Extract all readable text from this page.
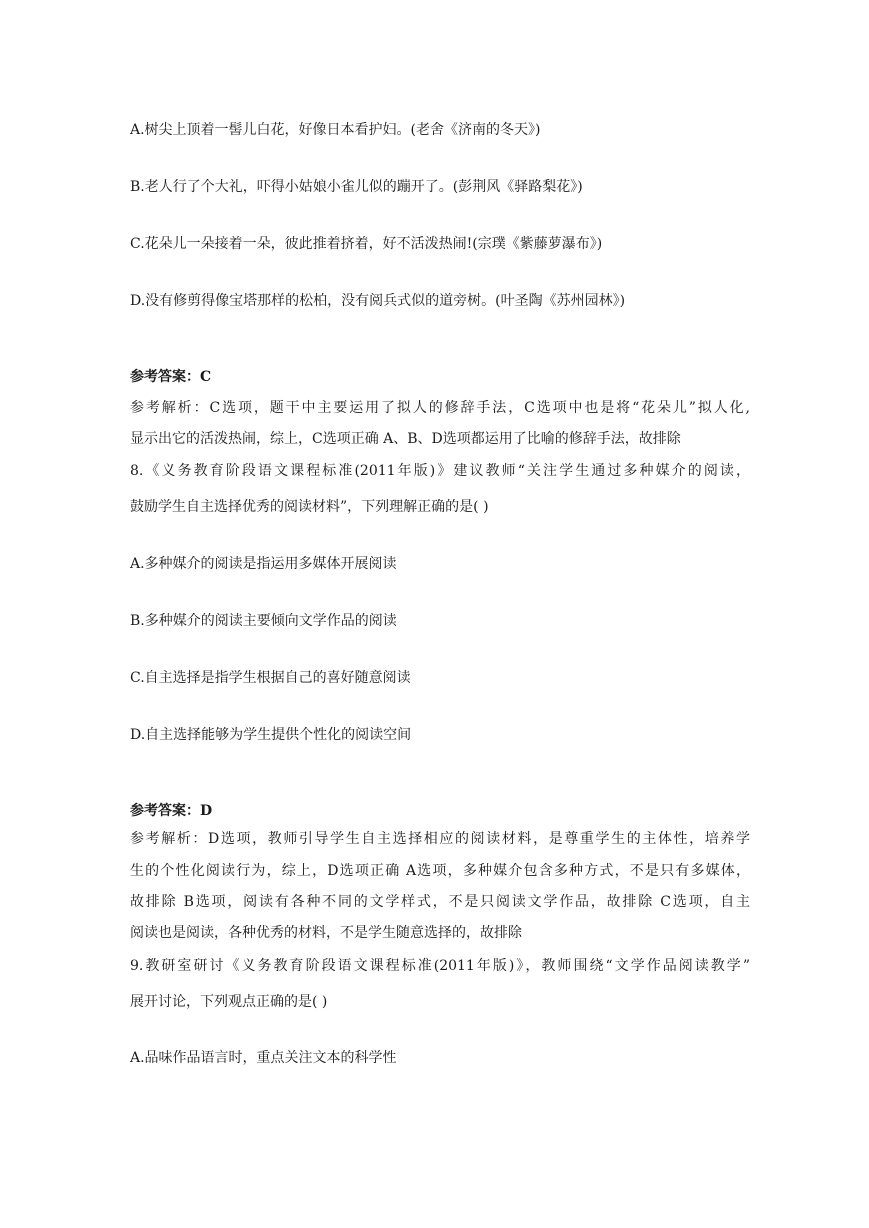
A.树尖上顶着一髻儿白花，好像日本看护妇。(老舍《济南的冬天》)
B.老人行了个大礼，吓得小姑娘小雀儿似的蹦开了。(彭荆风《驿路梨花》)
C.花朵儿一朵接着一朵，彼此推着挤着，好不活泼热闹!(宗璞《紫藤萝瀑布》)
D.没有修剪得像宝塔那样的松柏，没有阅兵式似的道旁树。(叶圣陶《苏州园林》)
参考答案：C
参考解析：C选项，题干中主要运用了拟人的修辞手法，C选项中也是将“花朵儿”拟人化,
显示出它的活泼热闹，综上，C选项正确 A、B、D选项都运用了比喻的修辞手法，故排除
8.《义务教育阶段语文课程标准(2011年版)》建议教师“关注学生通过多种媒介的阅读，
鼓励学生自主选择优秀的阅读材料”，下列理解正确的是( )
A.多种媒介的阅读是指运用多媒体开展阅读
B.多种媒介的阅读主要倾向文学作品的阅读
C.自主选择是指学生根据自己的喜好随意阅读
D.自主选择能够为学生提供个性化的阅读空间
参考答案：D
参考解析：D选项，教师引导学生自主选择相应的阅读材料，是尊重学生的主体性，培养学
生的个性化阅读行为，综上，D选项正确 A选项，多种媒介包含多种方式，不是只有多媒体，
故排除 B选项，阅读有各种不同的文学样式，不是只阅读文学作品，故排除 C选项，自主
阅读也是阅读，各种优秀的材料，不是学生随意选择的，故排除
9.教研室研讨《义务教育阶段语文课程标准(2011年版)》，教师围绕“文学作品阅读教学”
展开讨论，下列观点正确的是( )
A.品味作品语言时，重点关注文本的科学性
